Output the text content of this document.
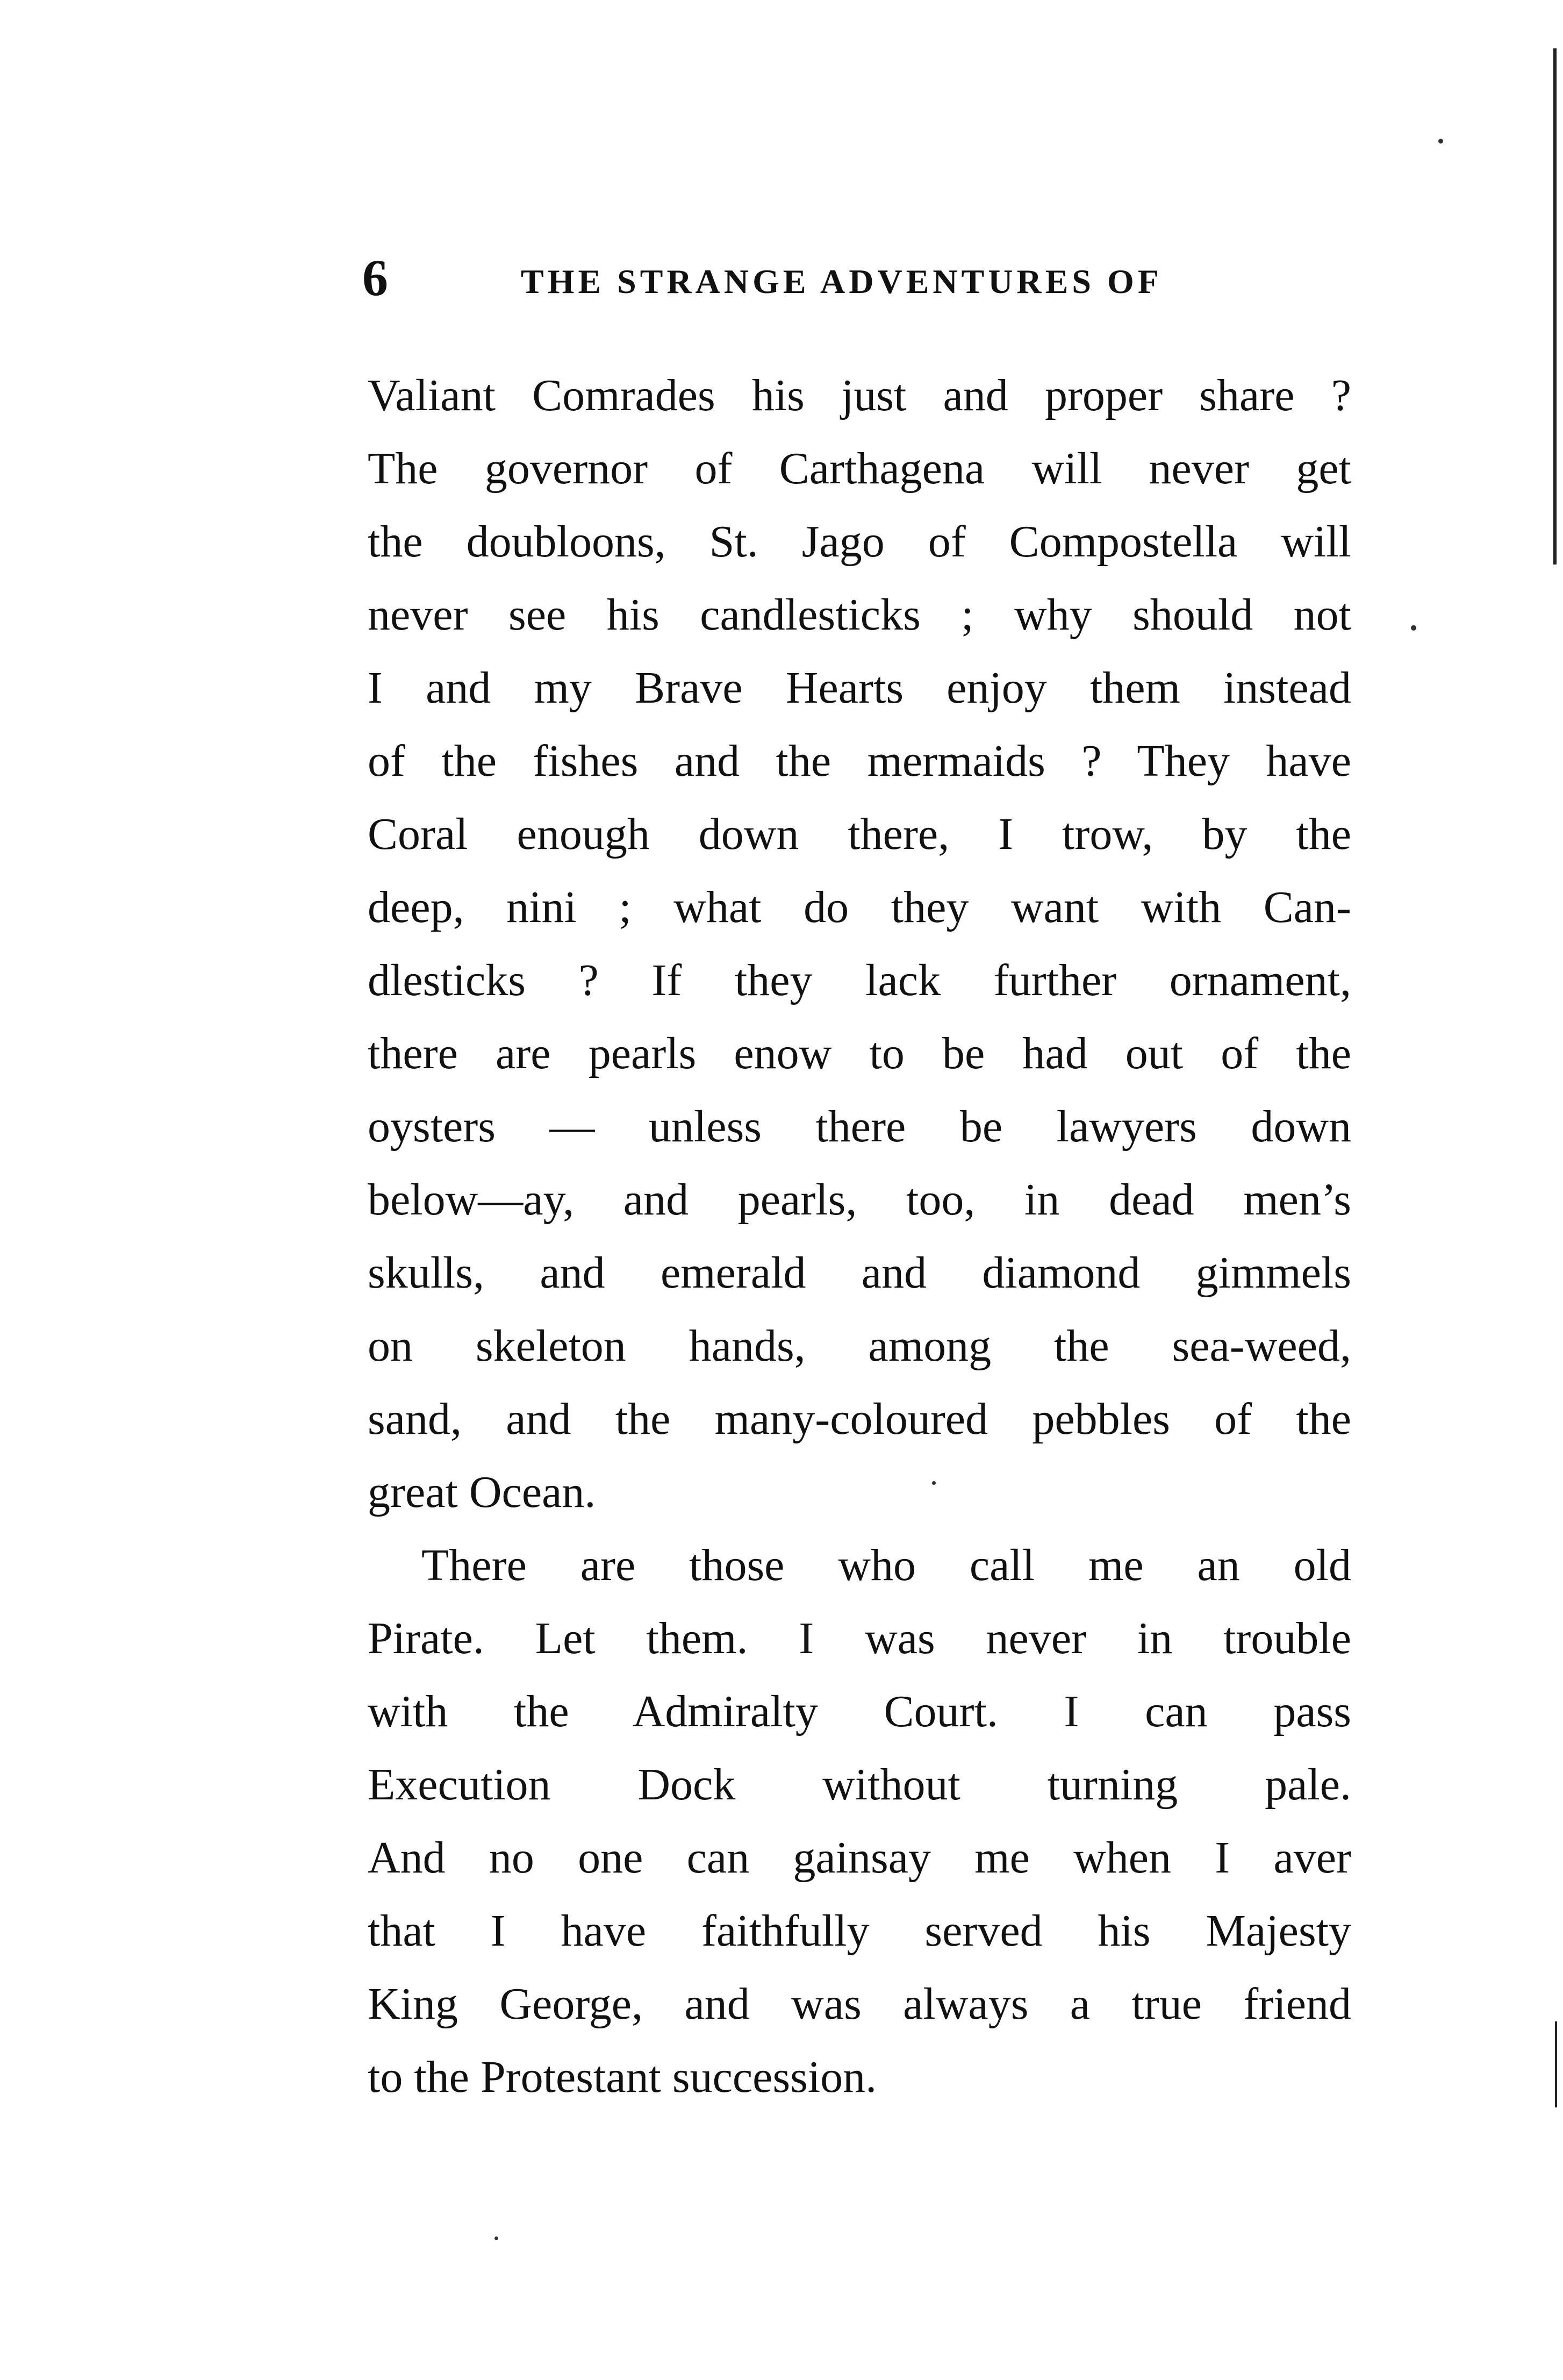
6	THE STRANGE ADVENTURES OF
Valiant Comrades his just and proper share ?
The governor of Carthagena will never get
the doubloons, St. Jago of Compostella will
never see his candlesticks ; why should not
I and my Brave Hearts enjoy them instead
of the fishes and the mermaids ? They have
Coral enough down there, I trow, by the
deep, nini ; what do they want with Can-
dlesticks ? If they lack further ornament,
there are pearls enow to be had out of the
oysters — unless there be lawyers down
below—ay, and pearls, too, in dead men’s
skulls, and emerald and diamond gimmels
on skeleton hands, among the sea-weed,
sand, and the many-coloured pebbles of the
great Ocean.
There are those who call me an old
Pirate. Let them. I was never in trouble
with the Admiralty Court. I can pass
Execution Dock without turning pale.
And no one can gainsay me when I aver
that I have faithfully served his Majesty
King George, and was always a true friend
to the Protestant succession.
